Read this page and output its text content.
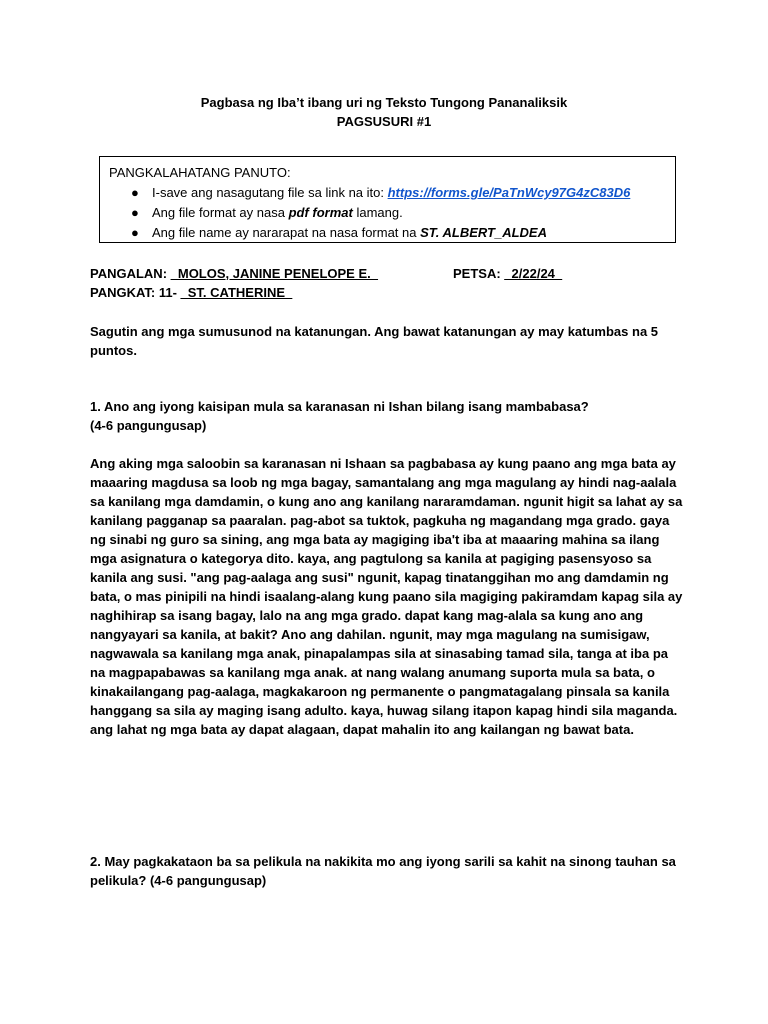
Pagbasa ng Iba’t ibang uri ng Teksto Tungong Pananaliksik
PAGSUSURI #1
PANGKALAHATANG PANUTO:
● I-save ang nasagutang file sa link na ito: https://forms.gle/PaTnWcy97G4zC83D6
● Ang file format ay nasa pdf format lamang.
● Ang file name ay nararapat na nasa format na ST. ALBERT_ALDEA
PANGALAN: _MOLOS, JANINE PENELOPE E._	PETSA: _2/22/24_
PANGKAT: 11- _ST. CATHERINE_
Sagutin ang mga sumusunod na katanungan. Ang bawat katanungan ay may katumbas na 5 puntos.
1. Ano ang iyong kaisipan mula sa karanasan ni Ishan bilang isang mambabasa?
(4-6 pangungusap)
Ang aking mga saloobin sa karanasan ni Ishaan sa pagbabasa ay kung paano ang mga bata ay maaaring magdusa sa loob ng mga bagay, samantalang ang mga magulang ay hindi nag-aalala sa kanilang mga damdamin, o kung ano ang kanilang nararamdaman. ngunit higit sa lahat ay sa kanilang pagganap sa paaralan. pag-abot sa tuktok, pagkuha ng magandang mga grado. gaya ng sinabi ng guro sa sining, ang mga bata ay magiging iba't iba at maaaring mahina sa ilang mga asignatura o kategorya dito. kaya, ang pagtulong sa kanila at pagiging pasensyoso sa kanila ang susi. "ang pag-aalaga ang susi" ngunit, kapag tinatanggihan mo ang damdamin ng bata, o mas pinipili na hindi isaalang-alang kung paano sila magiging pakiramdam kapag sila ay naghihirap sa isang bagay, lalo na ang mga grado. dapat kang mag-alala sa kung ano ang nangyayari sa kanila, at bakit? Ano ang dahilan. ngunit, may mga magulang na sumisigaw, nagwawala sa kanilang mga anak, pinapalampas sila at sinasabing tamad sila, tanga at iba pa na magpapabawas sa kanilang mga anak. at nang walang anumang suporta mula sa bata, o kinakailangang pag-aalaga, magkakaroon ng permanente o pangmatagalang pinsala sa kanila hanggang sa sila ay maging isang adulto. kaya, huwag silang itapon kapag hindi sila maganda. ang lahat ng mga bata ay dapat alagaan, dapat mahalin ito ang kailangan ng bawat bata.
2. May pagkakataon ba sa pelikula na nakikita mo ang iyong sarili sa kahit na sinong tauhan sa pelikula? (4-6 pangungusap)
